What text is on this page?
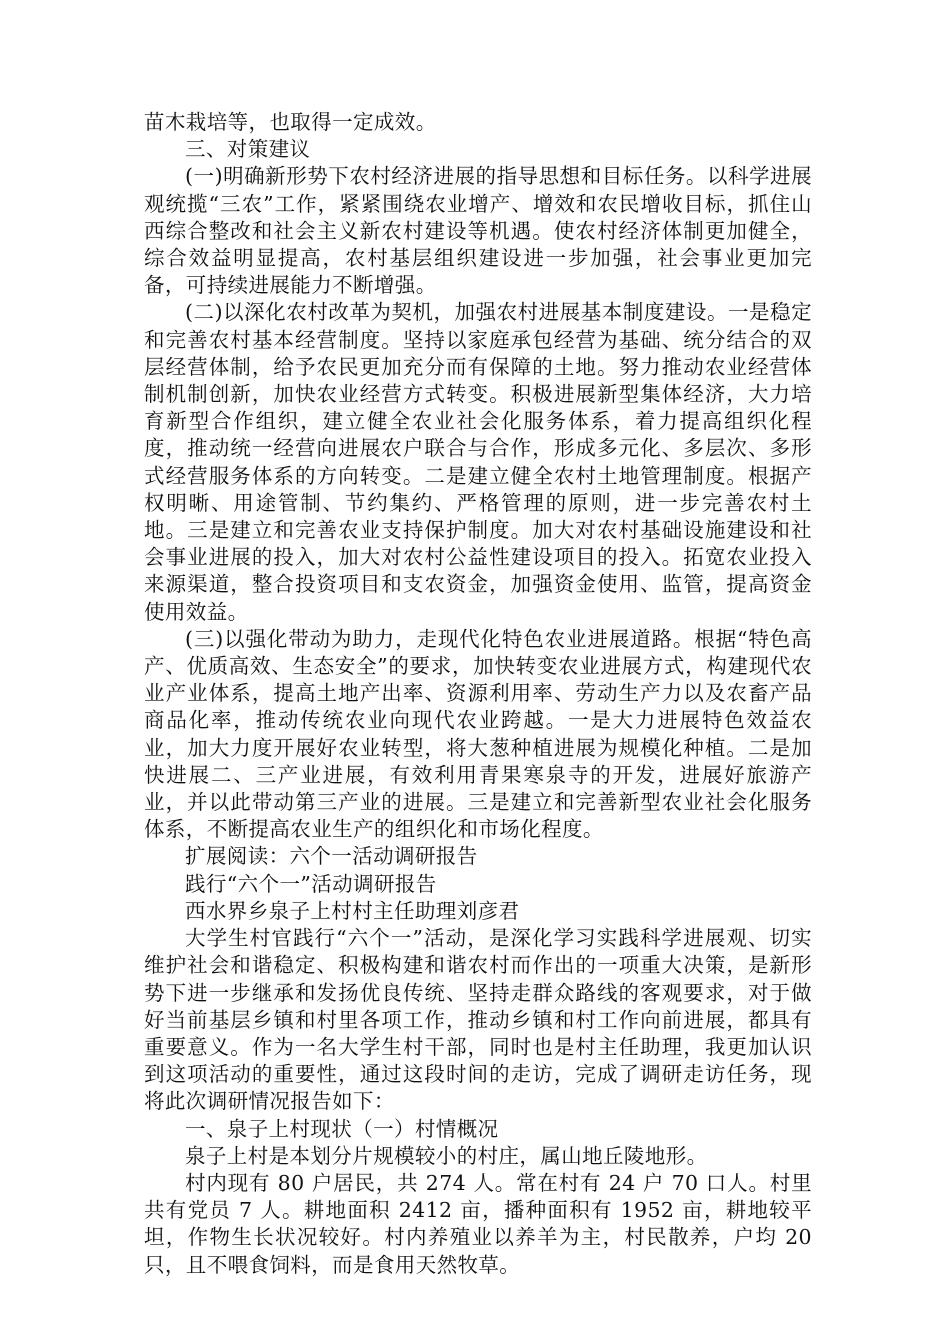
苗木栽培等，也取得一定成效。

三、对策建议

(一)明确新形势下农村经济进展的指导思想和目标任务。以科学进展观统揽“三农”工作，紧紧围绕农业增产、增效和农民增收目标，抓住山西综合整改和社会主义新农村建设等机遇。使农村经济体制更加健全，综合效益明显提高，农村基层组织建设进一步加强，社会事业更加完备，可持续进展能力不断增强。

(二)以深化农村改革为契机，加强农村进展基本制度建设。一是稳定和完善农村基本经营制度。坚持以家庭承包经营为基础、统分结合的双层经营体制，给予农民更加充分而有保障的土地。努力推动农业经营体制机制创新，加快农业经营方式转变。积极进展新型集体经济，大力培育新型合作组织，建立健全农业社会化服务体系，着力提高组织化程度，推动统一经营向进展农户联合与合作，形成多元化、多层次、多形式经营服务体系的方向转变。二是建立健全农村土地管理制度。根据产权明晰、用途管制、节约集约、严格管理的原则，进一步完善农村土地。三是建立和完善农业支持保护制度。加大对农村基础设施建设和社会事业进展的投入，加大对农村公益性建设项目的投入。拓宽农业投入来源渠道，整合投资项目和支农资金，加强资金使用、监管，提高资金使用效益。

(三)以强化带动为助力，走现代化特色农业进展道路。根据“特色高产、优质高效、生态安全”的要求，加快转变农业进展方式，构建现代农业产业体系，提高土地产出率、资源利用率、劳动生产力以及农畜产品商品化率，推动传统农业向现代农业跨越。一是大力进展特色效益农业，加大力度开展好农业转型，将大葱种植进展为规模化种植。二是加快进展二、三产业进展，有效利用青果寒泉寺的开发，进展好旅游产业，并以此带动第三产业的进展。三是建立和完善新型农业社会化服务体系，不断提高农业生产的组织化和市场化程度。

扩展阅读：六个一活动调研报告

践行“六个一”活动调研报告

西水界乡泉子上村村主任助理刘彦君

大学生村官践行“六个一”活动，是深化学习实践科学进展观、切实维护社会和谐稳定、积极构建和谐农村而作出的一项重大决策，是新形势下进一步继承和发扬优良传统、坚持走群众路线的客观要求，对于做好当前基层乡镇和村里各项工作，推动乡镇和村工作向前进展，都具有重要意义。作为一名大学生村干部，同时也是村主任助理，我更加认识到这项活动的重要性，通过这段时间的走访，完成了调研走访任务，现将此次调研情况报告如下：

一、泉子上村现状（一）村情概况

泉子上村是本划分片规模较小的村庄，属山地丘陵地形。

村内现有 80 户居民，共 274 人。常在村有 24 户 70 口人。村里共有党员 7 人。耕地面积 2412 亩，播种面积有 1952 亩，耕地较平坦，作物生长状况较好。村内养殖业以养羊为主，村民散养，户均 20 只，且不喂食饲料，而是食用天然牧草。
